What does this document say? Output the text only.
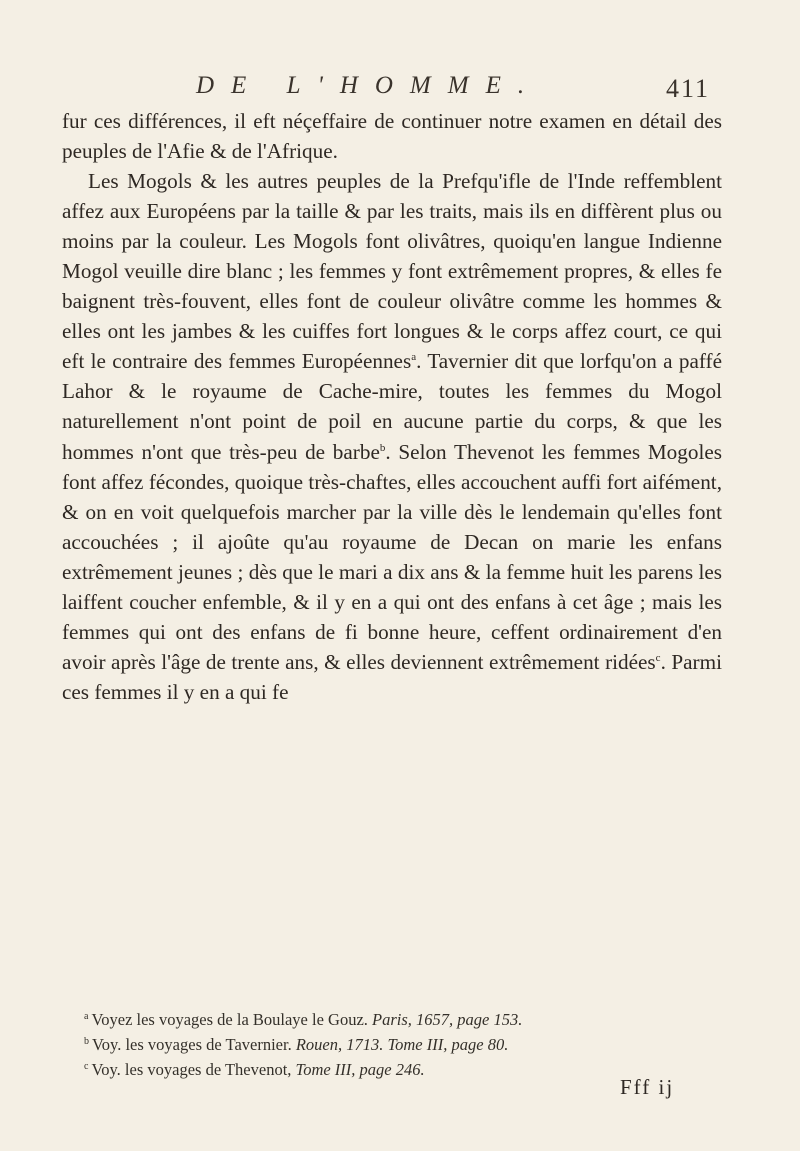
DE L'HOMME.	411

fur ces différences, il eft néçeffaire de continuer notre examen en détail des peuples de l'Afie & de l'Afrique.

Les Mogols & les autres peuples de la Prefqu'ifle de l'Inde reffemblent affez aux Européens par la taille & par les traits, mais ils en diffèrent plus ou moins par la couleur. Les Mogols font olivâtres, quoiqu'en langue Indienne Mogol veuille dire blanc ; les femmes y font extrêmement propres, & elles fe baignent très-fouvent, elles font de couleur olivâtre comme les hommes & elles ont les jambes & les cuiffes fort longues & le corps affez court, ce qui eft le contraire des femmes Européennes$^a$. Tavernier dit que lorfqu'on a paffé Lahor & le royaume de Cache-mire, toutes les femmes du Mogol naturellement n'ont point de poil en aucune partie du corps, & que les hommes n'ont que très-peu de barbe$^b$. Selon Thevenot les femmes Mogoles font affez fécondes, quoique très-chaftes, elles accouchent auffi fort aifément, & on en voit quelquefois marcher par la ville dès le lendemain qu'elles font accouchées ; il ajoûte qu'au royaume de Decan on marie les enfans extrêmement jeunes ; dès que le mari a dix ans & la femme huit les parens les laiffent coucher enfemble, & il y en a qui ont des enfans à cet âge ; mais les femmes qui ont des enfans de fi bonne heure, ceffent ordinairement d'en avoir après l'âge de trente ans, & elles deviennent extrêmement ridées$^c$. Parmi ces femmes il y en a qui fe

$^a$ Voyez les voyages de la Boulaye le Gouz. Paris, 1657, page 153.
$^b$ Voy. les voyages de Tavernier. Rouen, 1713. Tome III, page 80.
$^c$ Voy. les voyages de Thevenot, Tome III, page 246.
Fff ij
